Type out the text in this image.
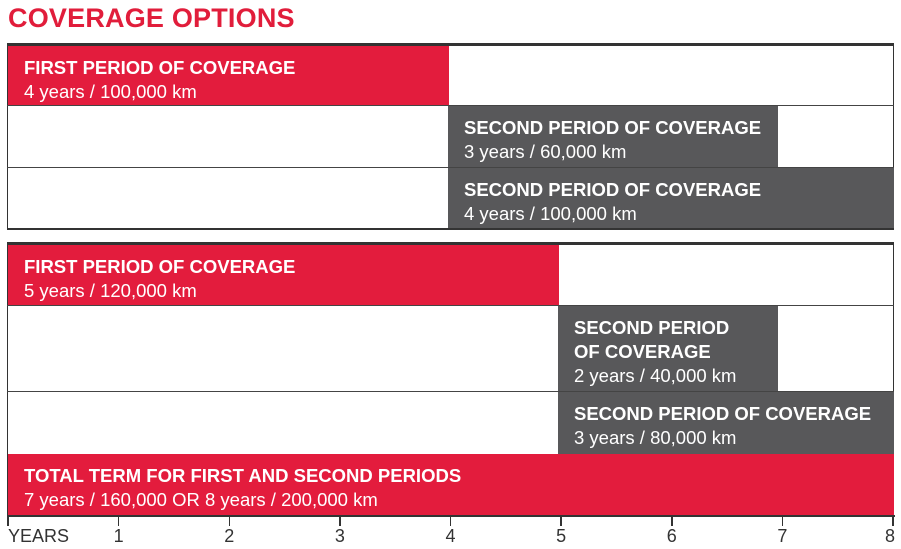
COVERAGE OPTIONS
FIRST PERIOD OF COVERAGE
4 years / 100,000 km
SECOND PERIOD OF COVERAGE
3 years / 60,000 km
SECOND PERIOD OF COVERAGE
4 years / 100,000 km
FIRST PERIOD OF COVERAGE
5 years / 120,000 km
SECOND PERIOD
OF COVERAGE
2 years / 40,000 km
SECOND PERIOD OF COVERAGE
3 years / 80,000 km
TOTAL TERM FOR FIRST AND SECOND PERIODS
7 years / 160,000 OR 8 years / 200,000 km
YEARS 1	2	3	4	5	6	7	8
